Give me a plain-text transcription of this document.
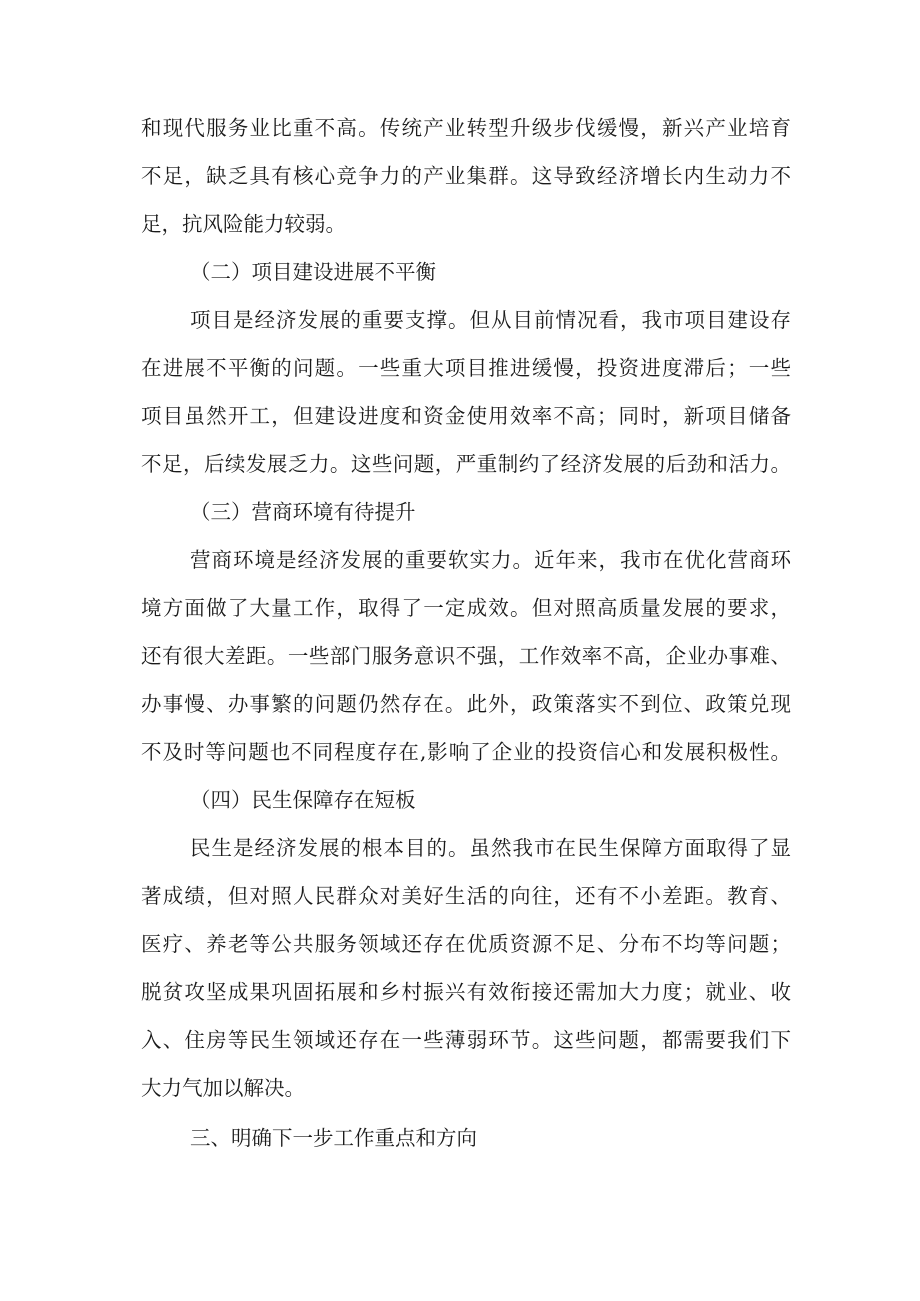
和现代服务业比重不高。传统产业转型升级步伐缓慢，新兴产业培育
不足，缺乏具有核心竞争力的产业集群。这导致经济增长内生动力不
足，抗风险能力较弱。
（二）项目建设进展不平衡
项目是经济发展的重要支撑。但从目前情况看，我市项目建设存
在进展不平衡的问题。一些重大项目推进缓慢，投资进度滞后；一些
项目虽然开工，但建设进度和资金使用效率不高；同时，新项目储备
不足，后续发展乏力。这些问题，严重制约了经济发展的后劲和活力。
（三）营商环境有待提升
营商环境是经济发展的重要软实力。近年来，我市在优化营商环
境方面做了大量工作，取得了一定成效。但对照高质量发展的要求，
还有很大差距。一些部门服务意识不强，工作效率不高，企业办事难、
办事慢、办事繁的问题仍然存在。此外，政策落实不到位、政策兑现
不及时等问题也不同程度存在,影响了企业的投资信心和发展积极性。
（四）民生保障存在短板
民生是经济发展的根本目的。虽然我市在民生保障方面取得了显
著成绩，但对照人民群众对美好生活的向往，还有不小差距。教育、
医疗、养老等公共服务领域还存在优质资源不足、分布不均等问题；
脱贫攻坚成果巩固拓展和乡村振兴有效衔接还需加大力度；就业、收
入、住房等民生领域还存在一些薄弱环节。这些问题，都需要我们下
大力气加以解决。
三、明确下一步工作重点和方向
